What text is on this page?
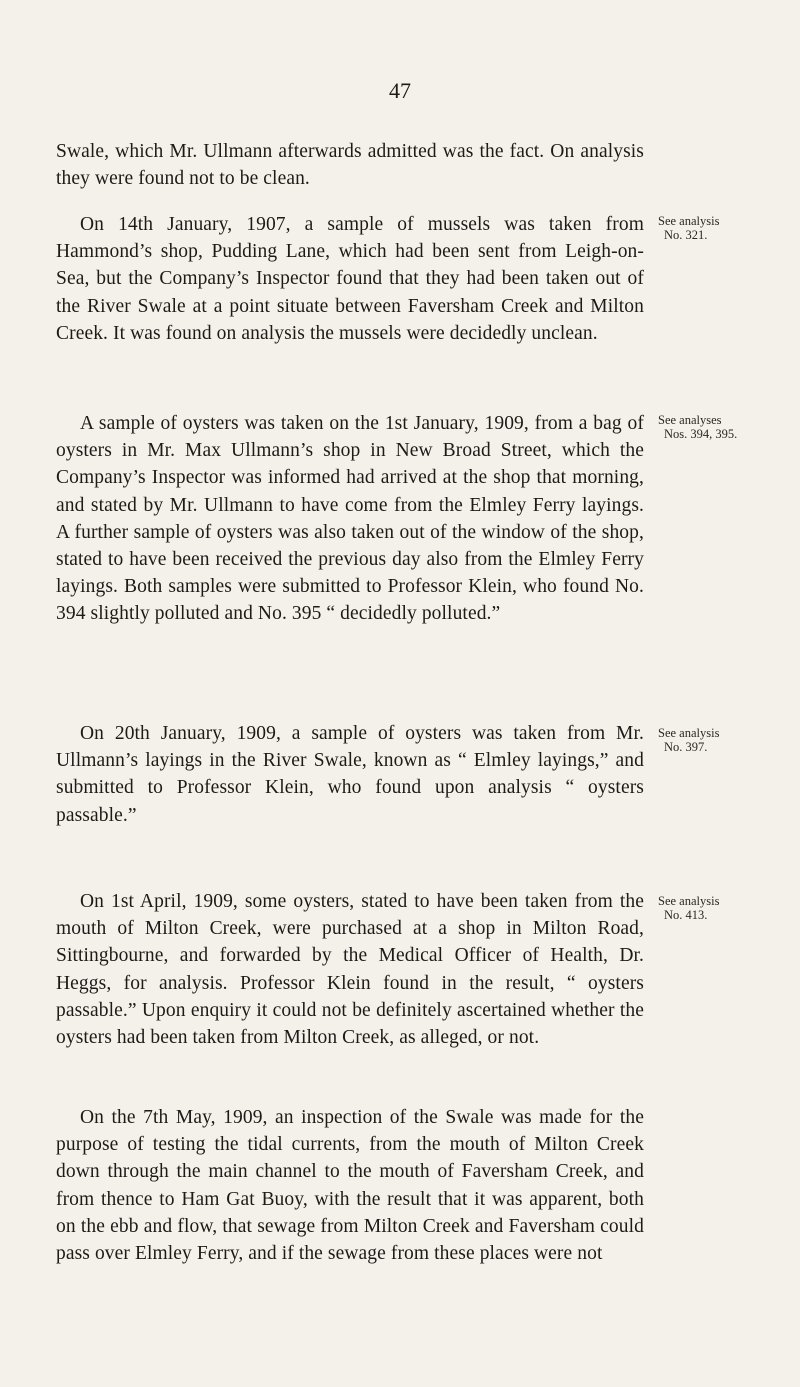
47

Swale, which Mr. Ullmann afterwards admitted was the fact. On analysis they were found not to be clean.

On 14th January, 1907, a sample of mussels was taken from Hammond’s shop, Pudding Lane, which had been sent from Leigh-on-Sea, but the Company’s Inspector found that they had been taken out of the River Swale at a point situate between Faversham Creek and Milton Creek. It was found on analysis the mussels were decidedly unclean.

A sample of oysters was taken on the 1st January, 1909, from a bag of oysters in Mr. Max Ullmann’s shop in New Broad Street, which the Company’s Inspector was informed had arrived at the shop that morning, and stated by Mr. Ullmann to have come from the Elmley Ferry layings. A further sample of oysters was also taken out of the window of the shop, stated to have been received the previous day also from the Elmley Ferry layings. Both samples were submitted to Professor Klein, who found No. 394 slightly polluted and No. 395 “ decidedly polluted.”

On 20th January, 1909, a sample of oysters was taken from Mr. Ullmann’s layings in the River Swale, known as “ Elmley layings,” and submitted to Professor Klein, who found upon analysis “ oysters passable.”

On 1st April, 1909, some oysters, stated to have been taken from the mouth of Milton Creek, were purchased at a shop in Milton Road, Sittingbourne, and forwarded by the Medical Officer of Health, Dr. Heggs, for analysis. Professor Klein found in the result, “ oysters passable.” Upon enquiry it could not be definitely ascertained whether the oysters had been taken from Milton Creek, as alleged, or not.

On the 7th May, 1909, an inspection of the Swale was made for the purpose of testing the tidal currents, from the mouth of Milton Creek down through the main channel to the mouth of Faversham Creek, and from thence to Ham Gat Buoy, with the result that it was apparent, both on the ebb and flow, that sewage from Milton Creek and Faversham could pass over Elmley Ferry, and if the sewage from these places were not

See analysis
No. 321.
See analyses
Nos. 394, 395.
See analysis
No. 397.
See analysis
No. 413.
